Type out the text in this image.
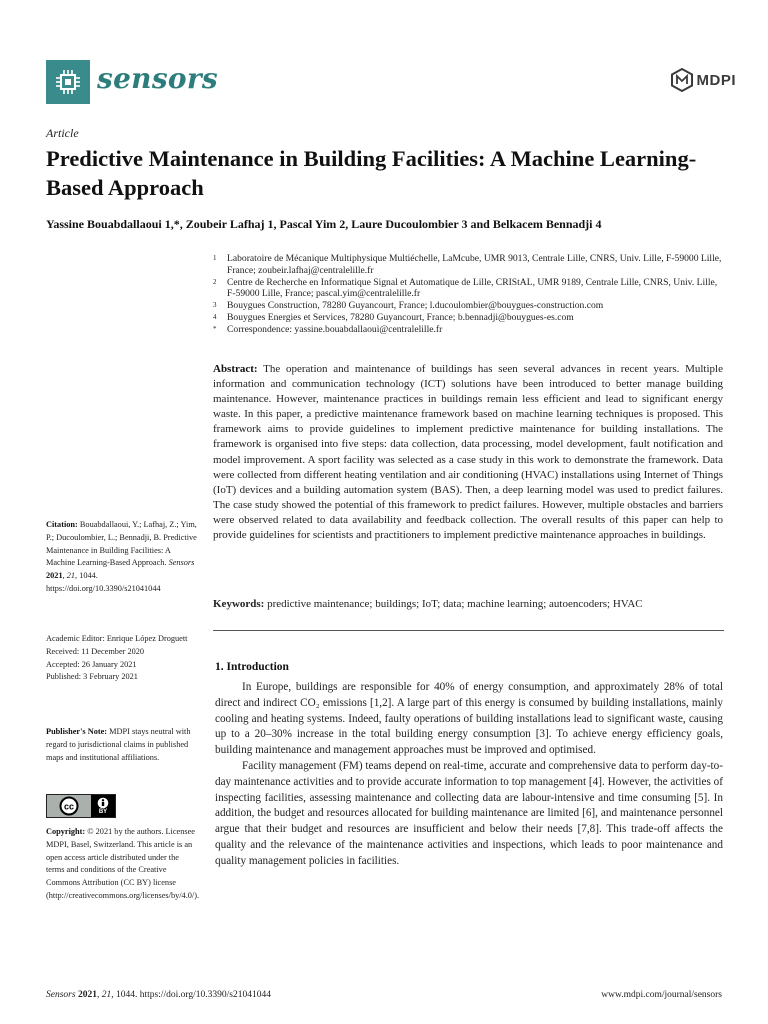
sensors	MDPI
Article
Predictive Maintenance in Building Facilities: A Machine Learning-Based Approach
Yassine Bouabdallaoui 1,*, Zoubeir Lafhaj 1, Pascal Yim 2, Laure Ducoulombier 3 and Belkacem Bennadji 4
1	Laboratoire de Mécanique Multiphysique Multiéchelle, LaMcube, UMR 9013, Centrale Lille, CNRS, Univ. Lille, F-59000 Lille, France; zoubeir.lafhaj@centralelille.fr
2	Centre de Recherche en Informatique Signal et Automatique de Lille, CRIStAL, UMR 9189, Centrale Lille, CNRS, Univ. Lille, F-59000 Lille, France; pascal.yim@centralelille.fr
3	Bouygues Construction, 78280 Guyancourt, France; l.ducoulombier@bouygues-construction.com
4	Bouygues Energies et Services, 78280 Guyancourt, France; b.bennadji@bouygues-es.com
*	Correspondence: yassine.bouabdallaoui@centralelille.fr
Abstract: The operation and maintenance of buildings has seen several advances in recent years. Multiple information and communication technology (ICT) solutions have been introduced to better manage building maintenance. However, maintenance practices in buildings remain less efficient and lead to significant energy waste. In this paper, a predictive maintenance framework based on machine learning techniques is proposed. This framework aims to provide guidelines to implement predictive maintenance for building installations. The framework is organised into five steps: data collection, data processing, model development, fault notification and model improvement. A sport facility was selected as a case study in this work to demonstrate the framework. Data were collected from different heating ventilation and air conditioning (HVAC) installations using Internet of Things (IoT) devices and a building automation system (BAS). Then, a deep learning model was used to predict failures. The case study showed the potential of this framework to predict failures. However, multiple obstacles and barriers were observed related to data availability and feedback collection. The overall results of this paper can help to provide guidelines for scientists and practitioners to implement predictive maintenance approaches in buildings.
Keywords: predictive maintenance; buildings; IoT; data; machine learning; autoencoders; HVAC
Citation: Bouabdallaoui, Y.; Lafhaj, Z.; Yim, P.; Ducoulombier, L.; Bennadji, B. Predictive Maintenance in Building Facilities: A Machine Learning-Based Approach. Sensors 2021, 21, 1044. https://doi.org/10.3390/s21041044
Academic Editor: Enrique López Droguett
Received: 11 December 2020
Accepted: 26 January 2021
Published: 3 February 2021
Publisher's Note: MDPI stays neutral with regard to jurisdictional claims in published maps and institutional affiliations.
cc
BY
Copyright: © 2021 by the authors. Licensee MDPI, Basel, Switzerland. This article is an open access article distributed under the terms and conditions of the Creative Commons Attribution (CC BY) license (http://creativecommons.org/licenses/by/4.0/).
1. Introduction

In Europe, buildings are responsible for 40% of energy consumption, and approximately 28% of total direct and indirect CO₂ emissions [1,2]. A large part of this energy is consumed by building installations, mainly cooling and heating systems. Indeed, faulty operations of building installations lead to significant waste, causing up to a 20–30% increase in the total building energy consumption [3]. To achieve energy efficiency goals, building maintenance and management approaches must be improved and optimised.

Facility management (FM) teams depend on real-time, accurate and comprehensive data to perform day-to-day maintenance activities and to provide accurate information to top management [4]. However, the activities of inspecting facilities, assessing maintenance and collecting data are labour-intensive and time consuming [5]. In addition, the budget and resources allocated for building maintenance are limited [6], and maintenance personnel argue that their budget and resources are insufficient and below their needs [7,8]. This trade-off affects the quality and the relevance of the maintenance activities and inspections, which leads to poor maintenance and quality management policies in facilities.

Sensors 2021, 21, 1044. https://doi.org/10.3390/s21041044	www.mdpi.com/journal/sensors
